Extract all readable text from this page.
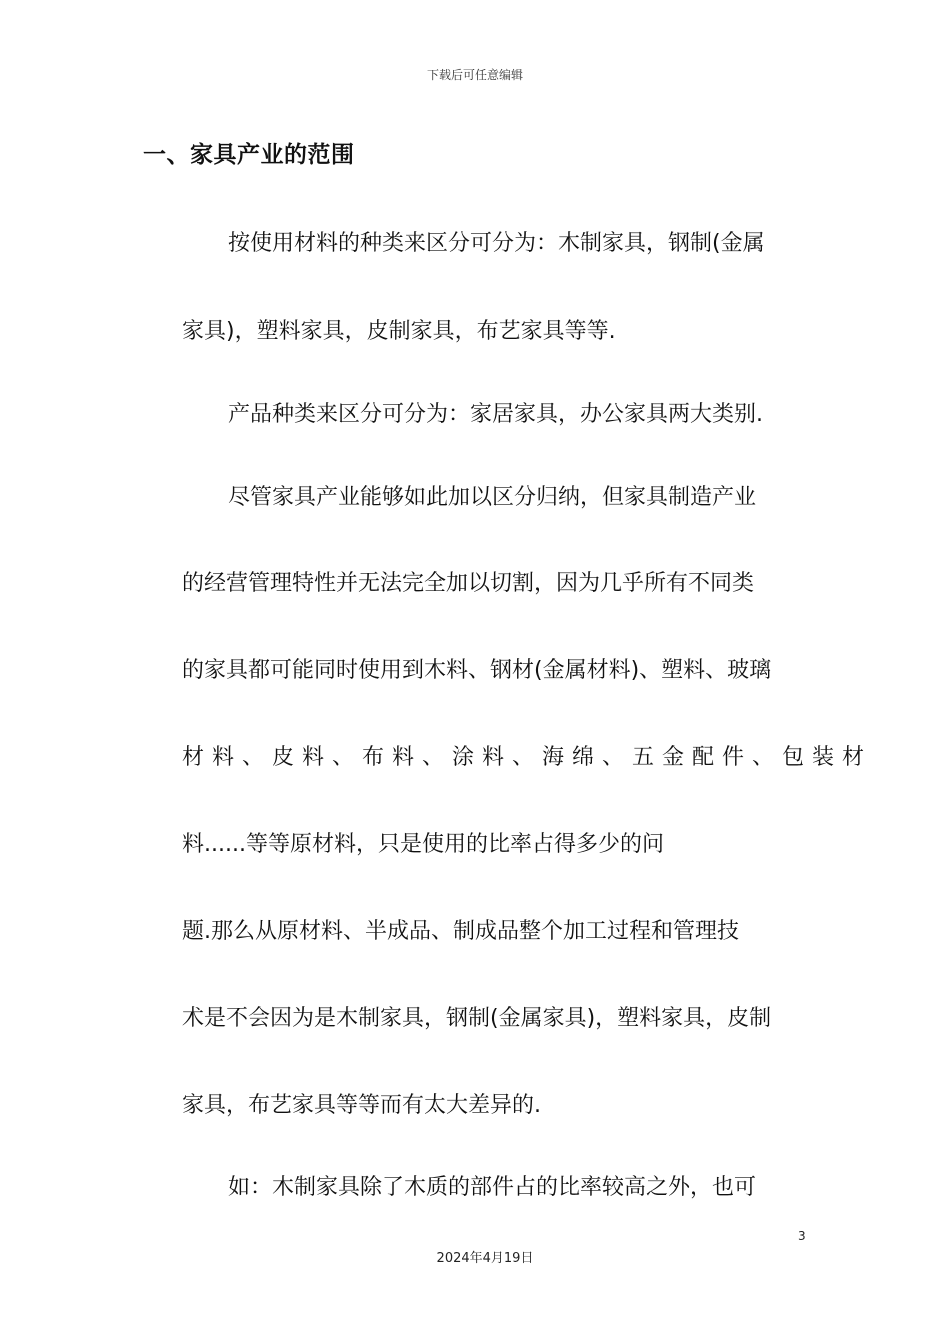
下载后可任意编辑
一、家具产业的范围
按使用材料的种类来区分可分为：木制家具，钢制(金属
家具)，塑料家具，皮制家具，布艺家具等等.
产品种类来区分可分为：家居家具，办公家具两大类别.
尽管家具产业能够如此加以区分归纳，但家具制造产业
的经营管理特性并无法完全加以切割，因为几乎所有不同类
的家具都可能同时使用到木料、钢材(金属材料)、塑料、玻璃
材料、皮料、布料、涂料、海绵、五金配件、包装材
料......等等原材料，只是使用的比率占得多少的问
题.那么从原材料、半成品、制成品整个加工过程和管理技
术是不会因为是木制家具，钢制(金属家具)，塑料家具，皮制
家具，布艺家具等等而有太大差异的.
如：木制家具除了木质的部件占的比率较高之外，也可
3
2024年4月19日
